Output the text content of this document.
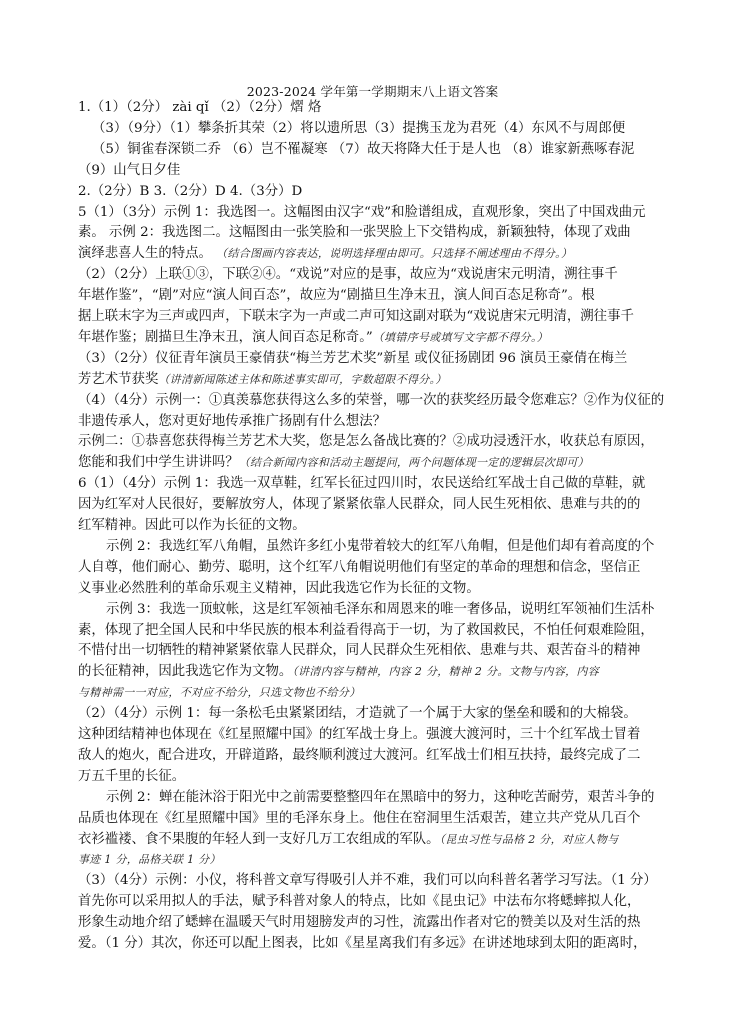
2023-2024 学年第一学期期末八上语文答案
1.（1）（2分） zài qǐ （2）（2分）熠 烙
（3）（9分）（1）攀条折其荣（2）将以遗所思（3）提携玉龙为君死（4）东风不与周郎便
（5）铜雀春深锁二乔 （6）岂不罹凝寒 （7）故天将降大任于是人也 （8）谁家新燕啄春泥
（9）山气日夕佳
2.（2分）B 3.（2分）D 4.（3分）D
5（1）（3分）示例 1：我选图一。这幅图由汉字“戏”和脸谱组成，直观形象，突出了中国戏曲元
素。 示例 2：我选图二。这幅图由一张笑脸和一张哭脸上下交错构成，新颖独特，体现了戏曲
演绎悲喜人生的特点。 （结合图画内容表达，说明选择理由即可。只选择不阐述理由不得分。）
（2）（2分）上联①③，下联②④。“戏说”对应的是事，故应为“戏说唐宋元明清，溯往事千
年堪作鉴”，“剧”对应“演人间百态”，故应为“剧描旦生净末丑，演人间百态足称奇”。根
据上联末字为三声或四声，下联末字为一声或二声可知这副对联为“戏说唐宋元明清，溯往事千
年堪作鉴；剧描旦生净末丑，演人间百态足称奇。”（填错序号或填写文字都不得分。）
（3）（2分）仪征青年演员王豪倩获“梅兰芳艺术奖”新星 或仪征扬剧团 96 演员王豪倩在梅兰
芳艺术节获奖（讲清新闻陈述主体和陈述事实即可，字数超限不得分。）
（4）（4分）示例一：①真羡慕您获得这么多的荣誉，哪一次的获奖经历最令您难忘？②作为仪征的
非遗传承人，您对更好地传承推广扬剧有什么想法？
示例二：①恭喜您获得梅兰芳艺术大奖，您是怎么备战比赛的？②成功浸透汗水，收获总有原因，
您能和我们中学生讲讲吗？（结合新闻内容和活动主题提问，两个问题体现一定的逻辑层次即可）
6（1）（4分）示例 1：我选一双草鞋，红军长征过四川时，农民送给红军战士自己做的草鞋，就
因为红军对人民很好，要解放穷人，体现了紧紧依靠人民群众，同人民生死相依、患难与共的的
红军精神。因此可以作为长征的文物。
示例 2：我选红军八角帽，虽然许多红小鬼带着较大的红军八角帽，但是他们却有着高度的个
人自尊，他们耐心、勤劳、聪明，这个红军八角帽说明他们有坚定的革命的理想和信念，坚信正
义事业必然胜利的革命乐观主义精神，因此我选它作为长征的文物。
示例 3：我选一顶蚊帐，这是红军领袖毛泽东和周恩来的唯一奢侈品，说明红军领袖们生活朴
素，体现了把全国人民和中华民族的根本利益看得高于一切，为了救国救民，不怕任何艰难险阻，
不惜付出一切牺牲的精神紧紧依靠人民群众，同人民群众生死相依、患难与共、艰苦奋斗的精神
的长征精神，因此我选它作为文物。（讲清内容与精神，内容 2 分，精神 2 分。文物与内容，内容
与精神需一一对应，不对应不给分，只选文物也不给分）
（2）（4分）示例 1：每一条松毛虫紧紧团结，才造就了一个属于大家的堡垒和暖和的大棉袋。
这种团结精神也体现在《红星照耀中国》的红军战士身上。强渡大渡河时，三十个红军战士冒着
敌人的炮火，配合进攻，开辟道路，最终顺利渡过大渡河。红军战士们相互扶持，最终完成了二
万五千里的长征。
示例 2：蝉在能沐浴于阳光中之前需要整整四年在黑暗中的努力，这种吃苦耐劳，艰苦斗争的
品质也体现在《红星照耀中国》里的毛泽东身上。他住在窑洞里生活艰苦，建立共产党从几百个
衣衫褴褛、食不果腹的年轻人到一支好几万工农组成的军队。（昆虫习性与品格 2 分，对应人物与
事迹 1 分，品格关联 1 分）
（3）（4分）示例：小仪，将科普文章写得吸引人并不难，我们可以向科普名著学习写法。（1 分）
首先你可以采用拟人的手法，赋予科普对象人的特点，比如《昆虫记》中法布尔将蟋蟀拟人化，
形象生动地介绍了蟋蟀在温暖天气时用翅膀发声的习性，流露出作者对它的赞美以及对生活的热
爱。（1 分）其次，你还可以配上图表，比如《星星离我们有多远》在讲述地球到太阳的距离时，
